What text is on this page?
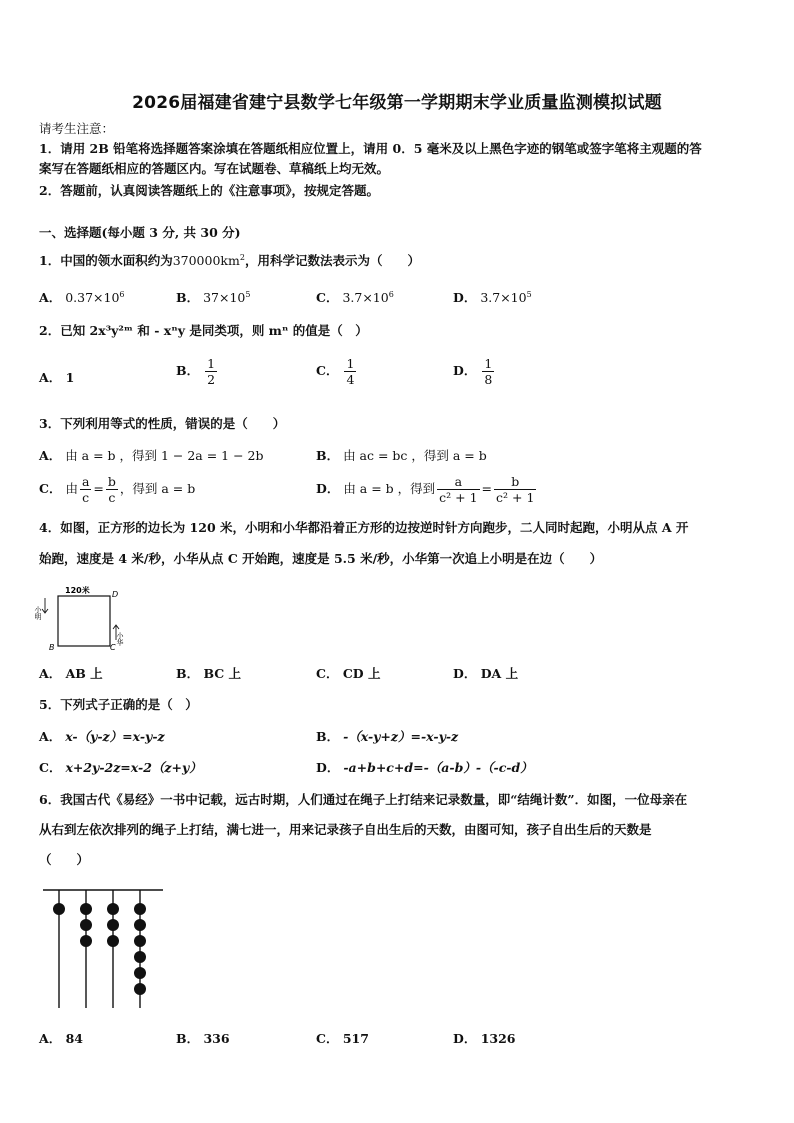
2026届福建省建宁县数学七年级第一学期期末学业质量监测模拟试题
请考生注意：
1．请用 2B 铅笔将选择题答案涂填在答题纸相应位置上，请用 0．5 毫米及以上黑色字迹的钢笔或签字笔将主观题的答
案写在答题纸相应的答题区内。写在试题卷、草稿纸上均无效。
2．答题前，认真阅读答题纸上的《注意事项》，按规定答题。
一、选择题(每小题 3 分, 共 30 分)
1．中国的领水面积约为$370000km^2$，用科学记数法表示为（　　）
A． $0.37\times 10^6$	B． $37\times 10^5$	C． $3.7\times 10^6$	D． $3.7\times 10^5$
2．已知 2x³y²ᵐ 和 - xⁿy 是同类项，则 mⁿ 的值是（　）
A． 1	B． $\frac{1}{2}$	C． $\frac{1}{4}$	D． $\frac{1}{8}$
3．下列利用等式的性质，错误的是（　　）
A． 由 a = b ，得到 1 − 2a = 1 − 2b	B． 由 ac = bc ，得到 a = b
C． 由 $\frac{a}{c} = \frac{b}{c}$ ，得到 a = b	D． 由 a = b ，得到 $\frac{a}{\text{c² + 1}} = \frac{b}{\text{c² + 1}}$
4．如图，正方形的边长为 120 米，小明和小华都沿着正方形的边按逆时针方向跑步，二人同时起跑，小明从点 A 开
始跑，速度是 4 米/秒，小华从点 C 开始跑，速度是 5.5 米/秒，小华第一次追上小明是在边（　　）
120米	D
B	C
小明
小华
A． AB 上	B． BC 上	C． CD 上	D． DA 上
5．下列式子正确的是（　）
A． x-（y-z）=x-y-z	B． -（x-y+z）=-x-y-z
C． x+2y-2z=x-2（z+y）	D． -a+b+c+d=-（a-b）-（-c-d）
6．我国古代《易经》一书中记载，远古时期，人们通过在绳子上打结来记录数量，即“结绳计数”．如图，一位母亲在
从右到左依次排列的绳子上打结，满七进一，用来记录孩子自出生后的天数，由图可知，孩子自出生后的天数是
（　　）
A． 84	B． 336	C． 517	D． 1326
